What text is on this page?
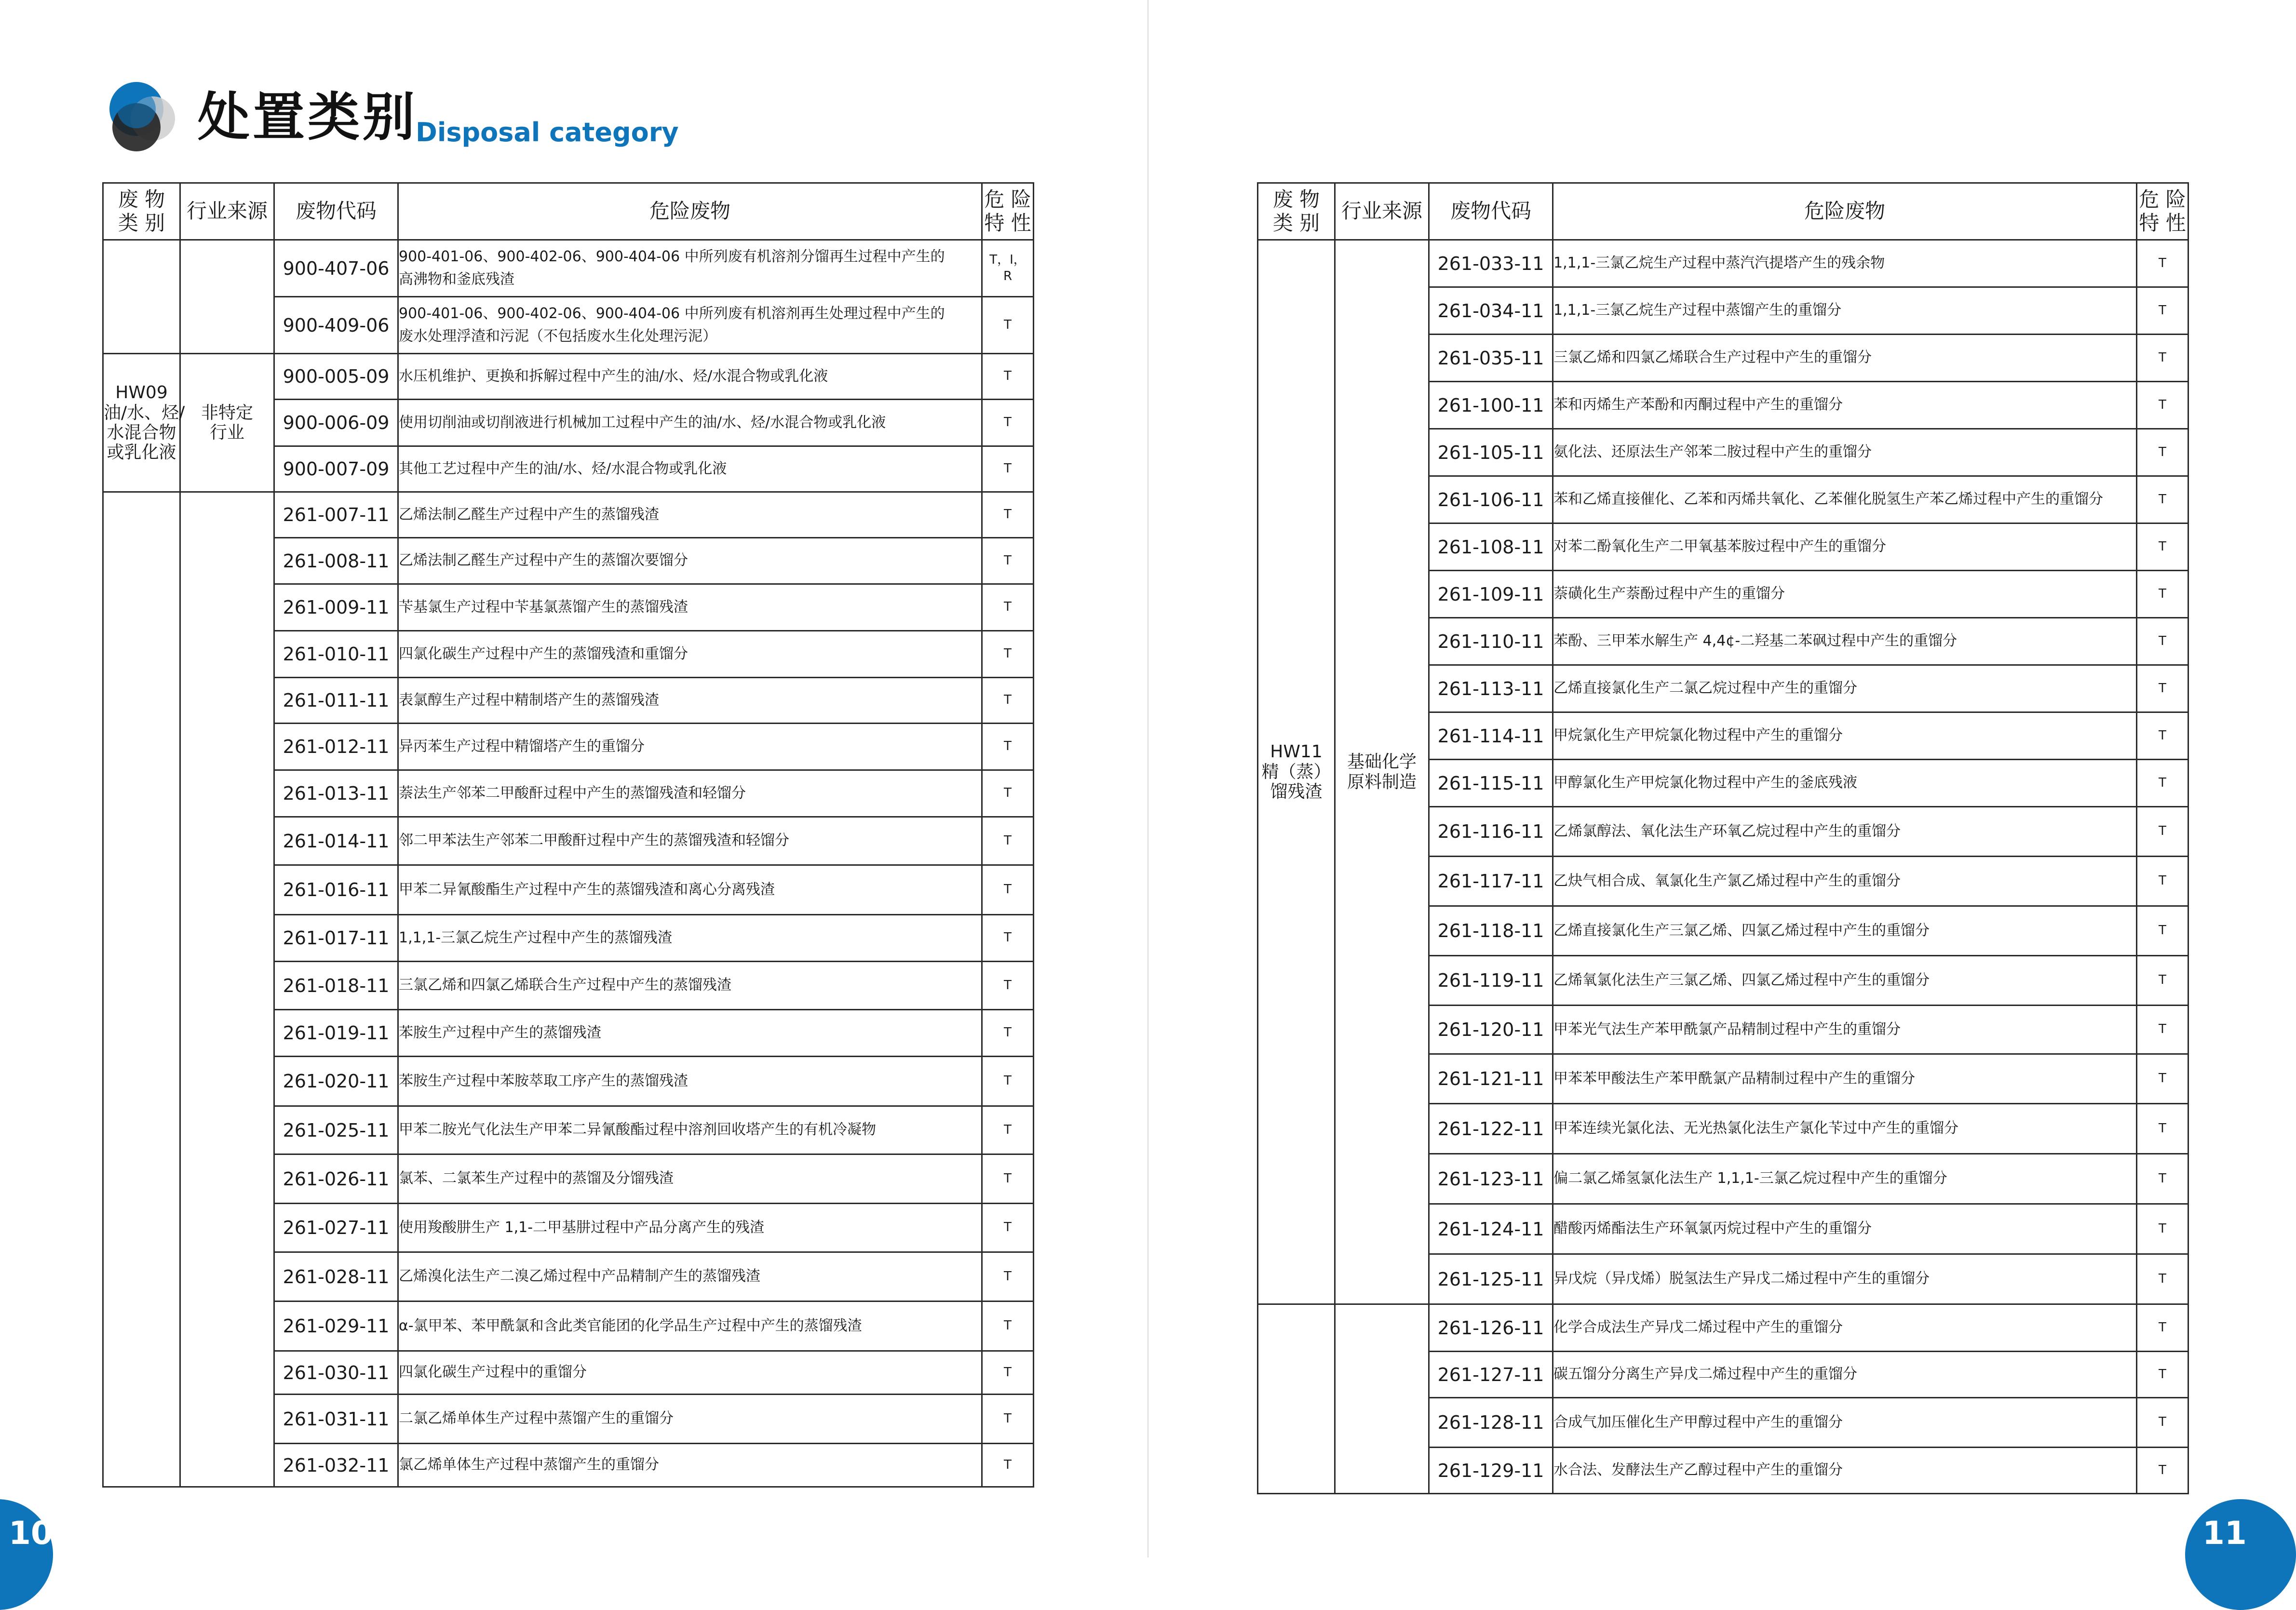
处置类别
Disposal category
废 物
类 别	行业来源	废物代码	危险废物	危 险
特 性
		900-407-06	900-401-06、900-402-06、900-404-06 中所列废有机溶剂分馏再生过程中产生的
高沸物和釜底残渣	T，I，
R
		900-409-06	900-401-06、900-402-06、900-404-06 中所列废有机溶剂再生处理过程中产生的
废水处理浮渣和污泥（不包括废水生化处理污泥）	T
HW09
油/水、烃/
水混合物
或乳化液	非特定
行业	900-005-09	水压机维护、更换和拆解过程中产生的油/水、烃/水混合物或乳化液	T
		900-006-09	使用切削油或切削液进行机械加工过程中产生的油/水、烃/水混合物或乳化液	T
		900-007-09	其他工艺过程中产生的油/水、烃/水混合物或乳化液	T
		261-007-11	乙烯法制乙醛生产过程中产生的蒸馏残渣	T
		261-008-11	乙烯法制乙醛生产过程中产生的蒸馏次要馏分	T
		261-009-11	苄基氯生产过程中苄基氯蒸馏产生的蒸馏残渣	T
		261-010-11	四氯化碳生产过程中产生的蒸馏残渣和重馏分	T
		261-011-11	表氯醇生产过程中精制塔产生的蒸馏残渣	T
		261-012-11	异丙苯生产过程中精馏塔产生的重馏分	T
		261-013-11	萘法生产邻苯二甲酸酐过程中产生的蒸馏残渣和轻馏分	T
		261-014-11	邻二甲苯法生产邻苯二甲酸酐过程中产生的蒸馏残渣和轻馏分	T
		261-016-11	甲苯二异氰酸酯生产过程中产生的蒸馏残渣和离心分离残渣	T
		261-017-11	1,1,1-三氯乙烷生产过程中产生的蒸馏残渣	T
		261-018-11	三氯乙烯和四氯乙烯联合生产过程中产生的蒸馏残渣	T
		261-019-11	苯胺生产过程中产生的蒸馏残渣	T
		261-020-11	苯胺生产过程中苯胺萃取工序产生的蒸馏残渣	T
		261-025-11	甲苯二胺光气化法生产甲苯二异氰酸酯过程中溶剂回收塔产生的有机冷凝物	T
		261-026-11	氯苯、二氯苯生产过程中的蒸馏及分馏残渣	T
		261-027-11	使用羧酸肼生产 1,1-二甲基肼过程中产品分离产生的残渣	T
		261-028-11	乙烯溴化法生产二溴乙烯过程中产品精制产生的蒸馏残渣	T
		261-029-11	α-氯甲苯、苯甲酰氯和含此类官能团的化学品生产过程中产生的蒸馏残渣	T
		261-030-11	四氯化碳生产过程中的重馏分	T
		261-031-11	二氯乙烯单体生产过程中蒸馏产生的重馏分	T
		261-032-11	氯乙烯单体生产过程中蒸馏产生的重馏分	T
废 物
类 别	行业来源	废物代码	危险废物	危 险
特 性
HW11
精（蒸）
馏残渣	基础化学
原料制造	261-033-11	1,1,1-三氯乙烷生产过程中蒸汽汽提塔产生的残余物	T
		261-034-11	1,1,1-三氯乙烷生产过程中蒸馏产生的重馏分	T
		261-035-11	三氯乙烯和四氯乙烯联合生产过程中产生的重馏分	T
		261-100-11	苯和丙烯生产苯酚和丙酮过程中产生的重馏分	T
		261-105-11	氨化法、还原法生产邻苯二胺过程中产生的重馏分	T
		261-106-11	苯和乙烯直接催化、乙苯和丙烯共氧化、乙苯催化脱氢生产苯乙烯过程中产生的重馏分	T
		261-108-11	对苯二酚氧化生产二甲氧基苯胺过程中产生的重馏分	T
		261-109-11	萘磺化生产萘酚过程中产生的重馏分	T
		261-110-11	苯酚、三甲苯水解生产 4,4¢-二羟基二苯砜过程中产生的重馏分	T
		261-113-11	乙烯直接氯化生产二氯乙烷过程中产生的重馏分	T
		261-114-11	甲烷氯化生产甲烷氯化物过程中产生的重馏分	T
		261-115-11	甲醇氯化生产甲烷氯化物过程中产生的釜底残液	T
		261-116-11	乙烯氯醇法、氧化法生产环氧乙烷过程中产生的重馏分	T
		261-117-11	乙炔气相合成、氧氯化生产氯乙烯过程中产生的重馏分	T
		261-118-11	乙烯直接氯化生产三氯乙烯、四氯乙烯过程中产生的重馏分	T
		261-119-11	乙烯氧氯化法生产三氯乙烯、四氯乙烯过程中产生的重馏分	T
		261-120-11	甲苯光气法生产苯甲酰氯产品精制过程中产生的重馏分	T
		261-121-11	甲苯苯甲酸法生产苯甲酰氯产品精制过程中产生的重馏分	T
		261-122-11	甲苯连续光氯化法、无光热氯化法生产氯化苄过中产生的重馏分	T
		261-123-11	偏二氯乙烯氢氯化法生产 1,1,1-三氯乙烷过程中产生的重馏分	T
		261-124-11	醋酸丙烯酯法生产环氧氯丙烷过程中产生的重馏分	T
		261-125-11	异戊烷（异戊烯）脱氢法生产异戊二烯过程中产生的重馏分	T
		261-126-11	化学合成法生产异戊二烯过程中产生的重馏分	T
		261-127-11	碳五馏分分离生产异戊二烯过程中产生的重馏分	T
		261-128-11	合成气加压催化生产甲醇过程中产生的重馏分	T
		261-129-11	水合法、发酵法生产乙醇过程中产生的重馏分	T
10	11
